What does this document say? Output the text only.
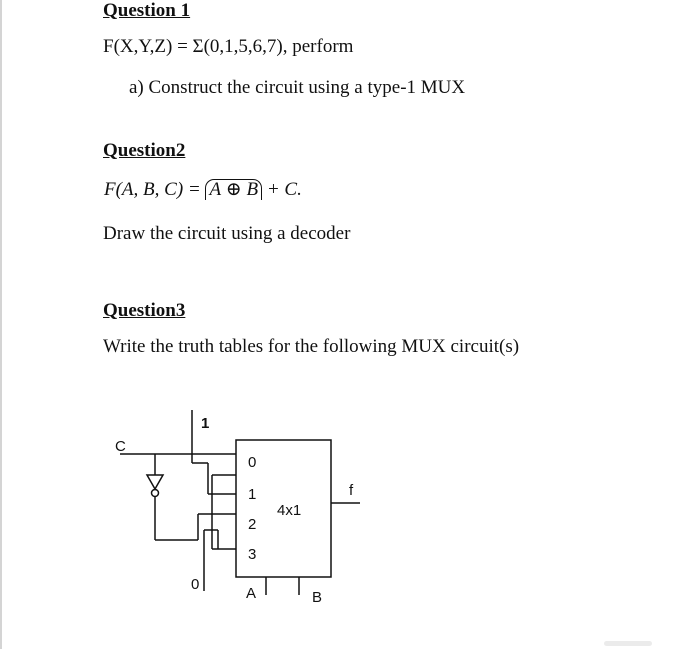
Question 1
F(X,Y,Z) = Σ(0,1,5,6,7), perform
a) Construct the circuit using a type-1 MUX
Question2
F(A, B, C) = A ⊕ B + C.
Draw the circuit using a decoder
Question3
Write the truth tables for the following MUX circuit(s)
0
1
2
3
4x1
f
A	B
C
1
0
